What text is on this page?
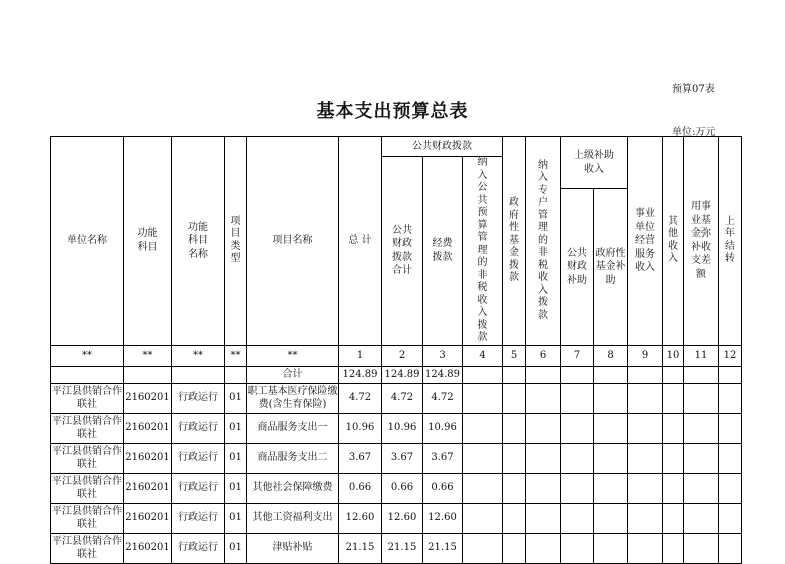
预算07表
基本支出预算总表
单位:万元
单位名称	功能科目	功能科目名称	项目类型	项目名称	总 计	公共财政拨款			政府性基金拨款	纳入专户管理的非税收入拨款	上级补助收入		事业单位经营服务收入	其他收入	用事业基金弥补收支差额	上年结转
						公共财政拨款合计	经费拨款	纳入公共预算管理的非税收入拨款								
											公共财政补助	政府性基金补助				
**	**	**	**	**	1	2	3	4	5	6	7	8	9	10	11	12
				合计	124.89	124.89	124.89									
平江县供销合作联社	2160201	行政运行	01	职工基本医疗保险缴费(含生育保险)	4.72	4.72	4.72									
平江县供销合作联社	2160201	行政运行	01	商品服务支出一	10.96	10.96	10.96									
平江县供销合作联社	2160201	行政运行	01	商品服务支出二	3.67	3.67	3.67									
平江县供销合作联社	2160201	行政运行	01	其他社会保障缴费	0.66	0.66	0.66									
平江县供销合作联社	2160201	行政运行	01	其他工资福利支出	12.60	12.60	12.60									
平江县供销合作联社	2160201	行政运行	01	津贴补贴	21.15	21.15	21.15									
